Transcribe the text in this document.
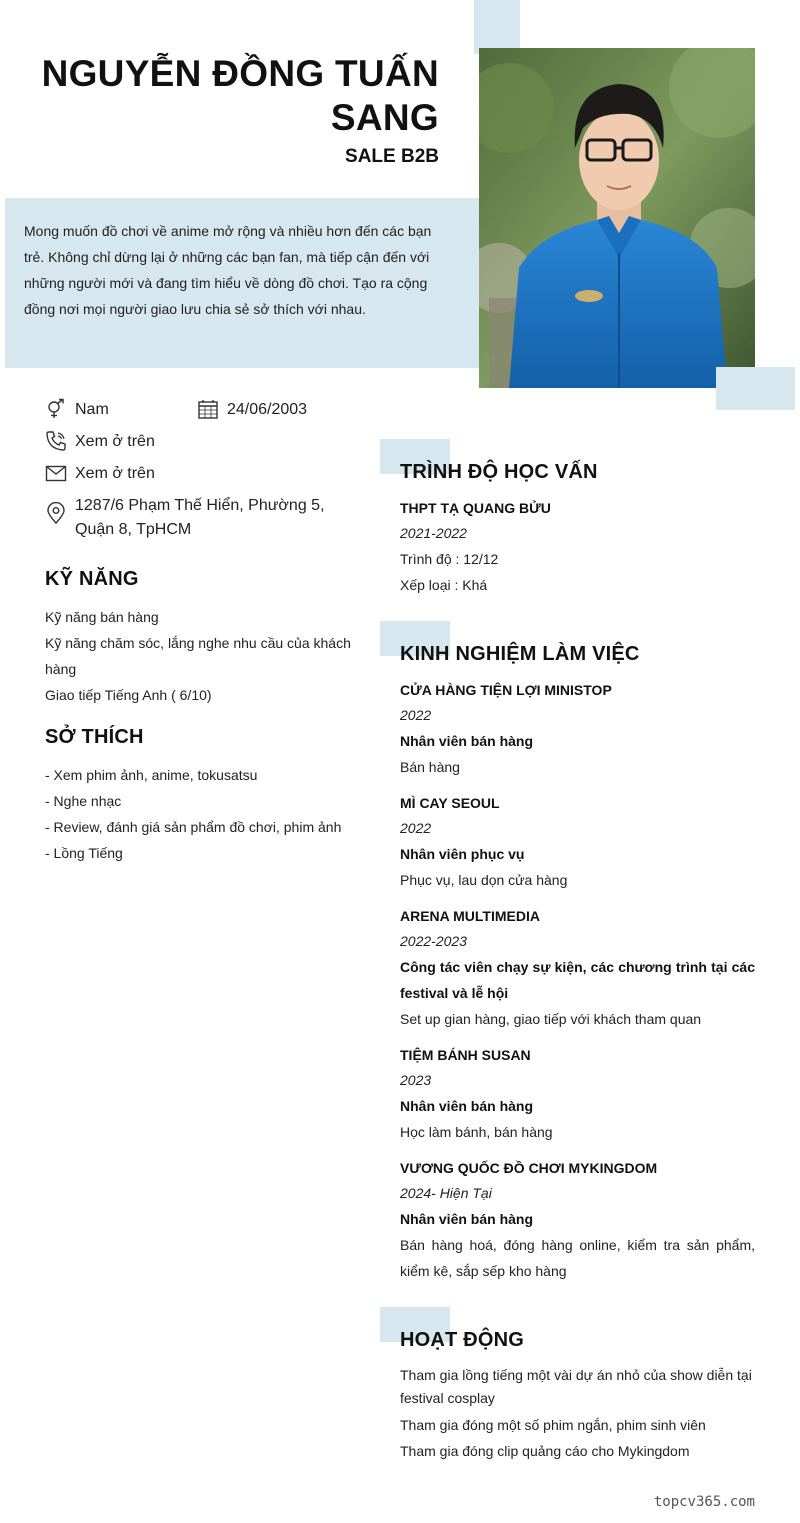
NGUYỄN ĐỒNG TUẤN
SANG
SALE B2B
Mong muốn đồ chơi về anime mở rộng và nhiều hơn đến các bạn trẻ. Không chỉ dừng lại ở những các bạn fan, mà tiếp cận đến với những người mới và đang tìm hiểu về dòng đồ chơi. Tạo ra cộng đồng nơi mọi người giao lưu chia sẻ sở thích với nhau.
Nam	24/06/2003
Xem ở trên
Xem ở trên
1287/6 Phạm Thế Hiển, Phường 5, Quận 8, TpHCM
KỸ NĂNG
Kỹ năng bán hàng
Kỹ năng chăm sóc, lắng nghe nhu cầu của khách hàng
Giao tiếp Tiếng Anh ( 6/10)
SỞ THÍCH
- Xem phim ảnh, anime, tokusatsu
- Nghe nhạc
- Review, đánh giá sản phẩm đồ chơi, phim ảnh
- Lồng Tiếng
TRÌNH ĐỘ HỌC VẤN
THPT TẠ QUANG BỬU
2021-2022
Trình độ : 12/12
Xếp loại : Khá
KINH NGHIỆM LÀM VIỆC
CỬA HÀNG TIỆN LỢI MINISTOP
2022
Nhân viên bán hàng
Bán hàng
MÌ CAY SEOUL
2022
Nhân viên phục vụ
Phục vụ, lau dọn cửa hàng
ARENA MULTIMEDIA
2022-2023
Công tác viên chạy sự kiện, các chương trình tại các festival và lễ hội
Set up gian hàng, giao tiếp với khách tham quan
TIỆM BÁNH SUSAN
2023
Nhân viên bán hàng
Học làm bánh, bán hàng
VƯƠNG QUỐC ĐỒ CHƠI MYKINGDOM
2024- Hiện Tại
Nhân viên bán hàng
Bán hàng hoá, đóng hàng online, kiểm tra sản phẩm, kiểm kê, sắp sếp kho hàng
HOẠT ĐỘNG
Tham gia lồng tiếng một vài dự án nhỏ của show diễn tại festival cosplay
Tham gia đóng một số phim ngắn, phim sinh viên
Tham gia đóng clip quảng cáo cho Mykingdom
topcv365.com
